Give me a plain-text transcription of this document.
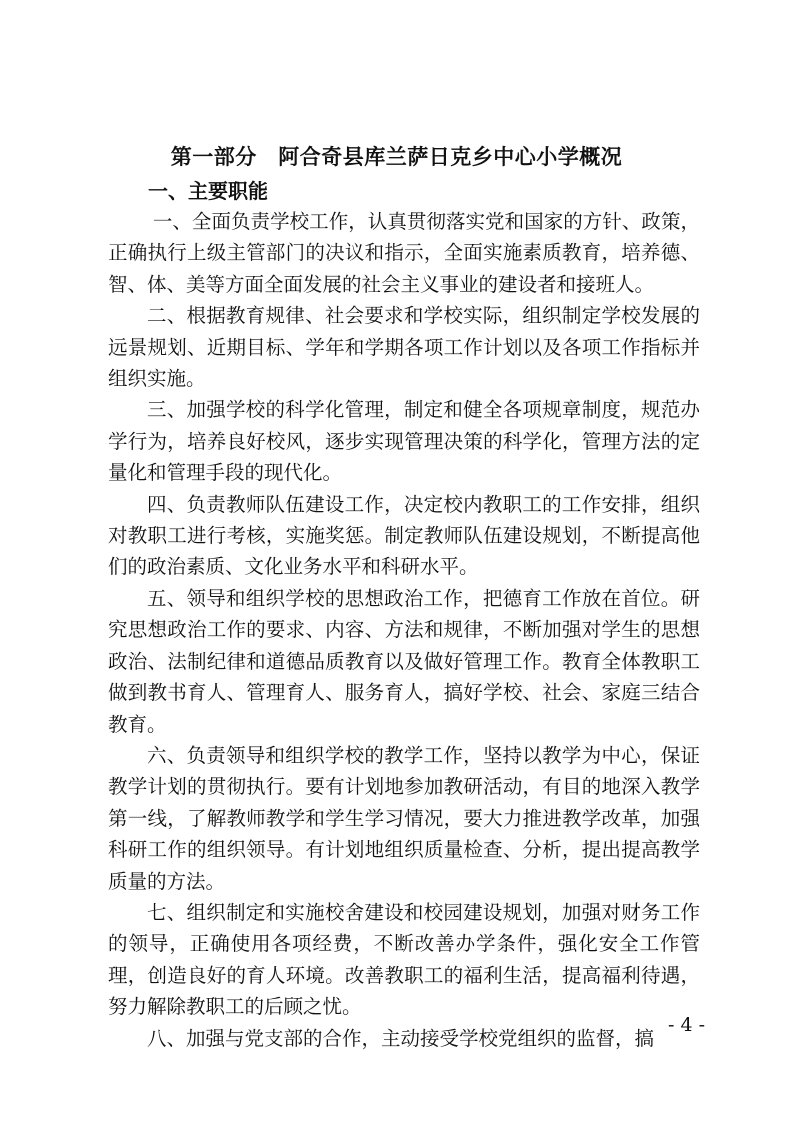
第一部分　阿合奇县库兰萨日克乡中心小学概况
一、主要职能

一、全面负责学校工作，认真贯彻落实党和国家的方针、政策，正确执行上级主管部门的决议和指示，全面实施素质教育，培养德、智、体、美等方面全面发展的社会主义事业的建设者和接班人。

二、根据教育规律、社会要求和学校实际，组织制定学校发展的远景规划、近期目标、学年和学期各项工作计划以及各项工作指标并组织实施。

三、加强学校的科学化管理，制定和健全各项规章制度，规范办学行为，培养良好校风，逐步实现管理决策的科学化，管理方法的定量化和管理手段的现代化。

四、负责教师队伍建设工作，决定校内教职工的工作安排，组织对教职工进行考核，实施奖惩。制定教师队伍建设规划，不断提高他们的政治素质、文化业务水平和科研水平。

五、领导和组织学校的思想政治工作，把德育工作放在首位。研究思想政治工作的要求、内容、方法和规律，不断加强对学生的思想政治、法制纪律和道德品质教育以及做好管理工作。教育全体教职工做到教书育人、管理育人、服务育人，搞好学校、社会、家庭三结合教育。

六、负责领导和组织学校的教学工作，坚持以教学为中心，保证教学计划的贯彻执行。要有计划地参加教研活动，有目的地深入教学第一线，了解教师教学和学生学习情况，要大力推进教学改革，加强科研工作的组织领导。有计划地组织质量检查、分析，提出提高教学质量的方法。

七、组织制定和实施校舍建设和校园建设规划，加强对财务工作的领导，正确使用各项经费，不断改善办学条件，强化安全工作管理，创造良好的育人环境。改善教职工的福利生活，提高福利待遇，努力解除教职工的后顾之忧。

八、加强与党支部的合作，主动接受学校党组织的监督，搞

- 4 -
